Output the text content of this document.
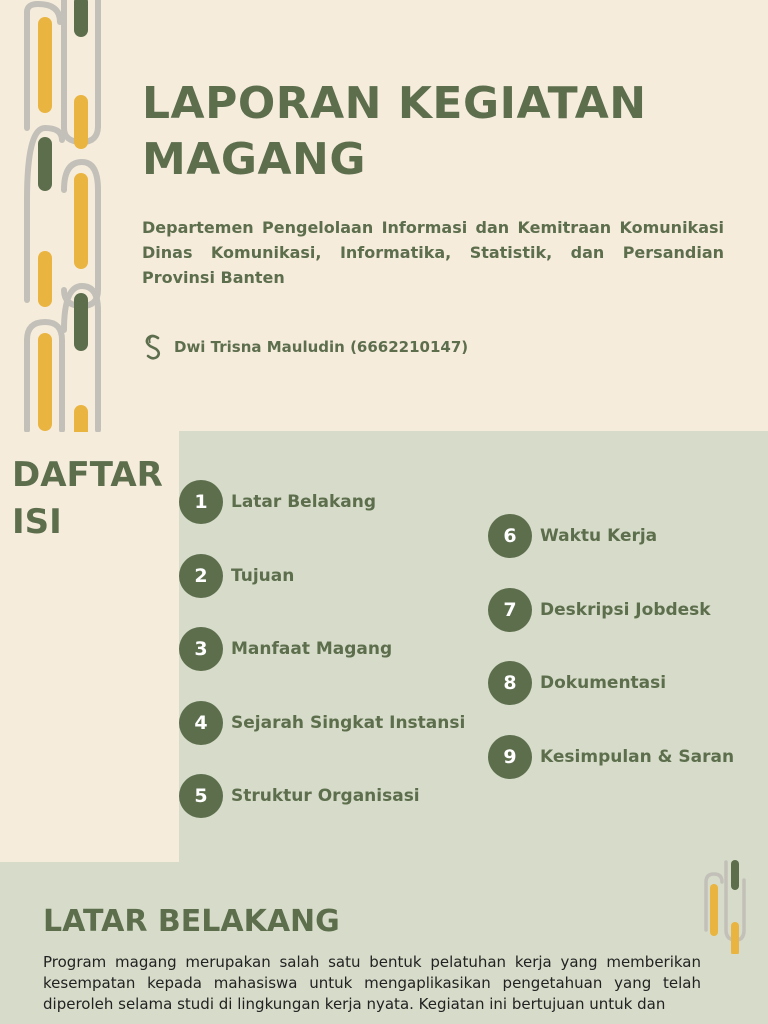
LAPORAN KEGIATAN MAGANG

Departemen Pengelolaan Informasi dan Kemitraan Komunikasi Dinas Komunikasi, Informatika, Statistik, dan Persandian Provinsi Banten

Dwi Trisna Mauludin (6662210147)
DAFTAR
ISI	1	Latar Belakang
2	Tujuan
3	Manfaat Magang
4	Sejarah Singkat Instansi
5	Struktur Organisasi
6	Waktu Kerja
7	Deskripsi Jobdesk
8	Dokumentasi
9	Kesimpulan & Saran
LATAR BELAKANG

Program magang merupakan salah satu bentuk pelatuhan kerja yang memberikan kesempatan kepada mahasiswa untuk mengaplikasikan pengetahuan yang telah diperoleh selama studi di lingkungan kerja nyata. Kegiatan ini bertujuan untuk dan
